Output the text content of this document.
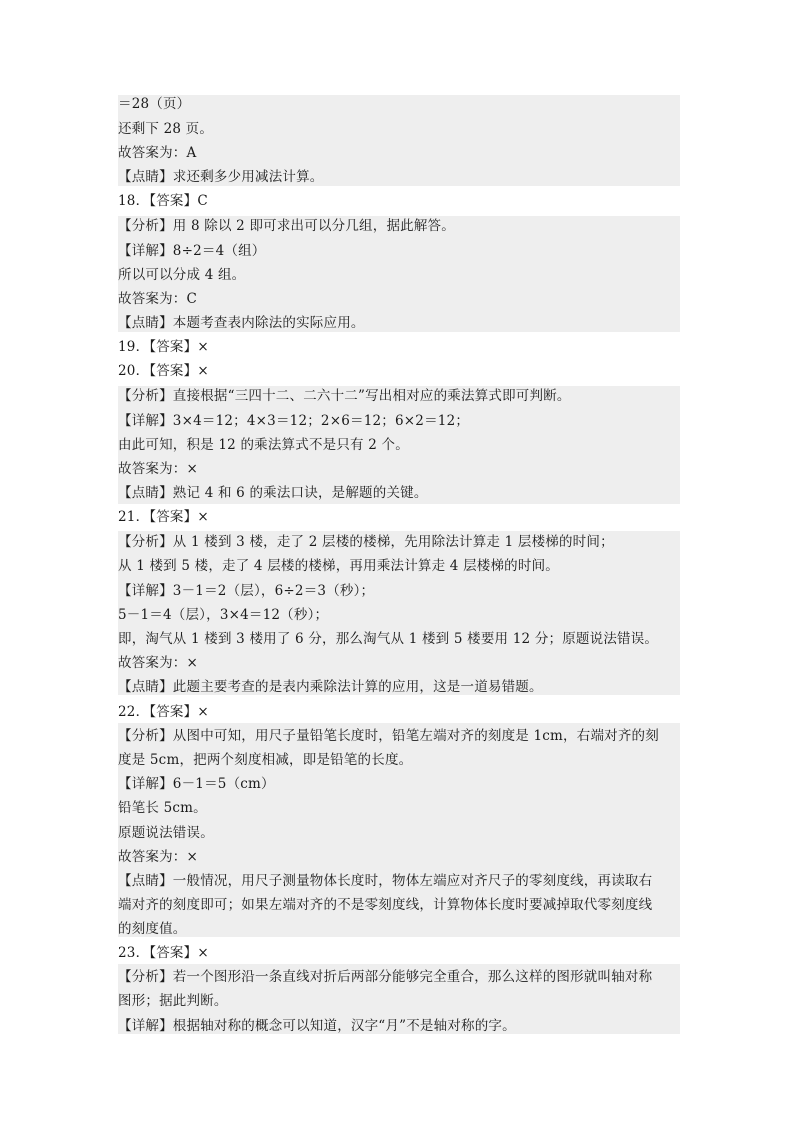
＝28（页）
还剩下 28 页。
故答案为：A
【点睛】求还剩多少用减法计算。
18．【答案】C
【分析】用 8 除以 2 即可求出可以分几组，据此解答。
【详解】8÷2＝4（组）
所以可以分成 4 组。
故答案为：C
【点睛】本题考查表内除法的实际应用。
19．【答案】×
20．【答案】×
【分析】直接根据“三四十二、二六十二”写出相对应的乘法算式即可判断。
【详解】3×4＝12；4×3＝12；2×6＝12；6×2＝12；
由此可知，积是 12 的乘法算式不是只有 2 个。
故答案为：×
【点睛】熟记 4 和 6 的乘法口诀，是解题的关键。
21．【答案】×
【分析】从 1 楼到 3 楼，走了 2 层楼的楼梯，先用除法计算走 1 层楼梯的时间；
从 1 楼到 5 楼，走了 4 层楼的楼梯，再用乘法计算走 4 层楼梯的时间。
【详解】3－1＝2（层），6÷2＝3（秒）；
5－1＝4（层），3×4＝12（秒）；
即，淘气从 1 楼到 3 楼用了 6 分，那么淘气从 1 楼到 5 楼要用 12 分；原题说法错误。
故答案为：×
【点睛】此题主要考查的是表内乘除法计算的应用，这是一道易错题。
22．【答案】×
【分析】从图中可知，用尺子量铅笔长度时，铅笔左端对齐的刻度是 1cm，右端对齐的刻
度是 5cm，把两个刻度相减，即是铅笔的长度。
【详解】6－1＝5（cm）
铅笔长 5cm。
原题说法错误。
故答案为：×
【点睛】一般情况，用尺子测量物体长度时，物体左端应对齐尺子的零刻度线，再读取右
端对齐的刻度即可；如果左端对齐的不是零刻度线，计算物体长度时要减掉取代零刻度线
的刻度值。
23．【答案】×
【分析】若一个图形沿一条直线对折后两部分能够完全重合，那么这样的图形就叫轴对称
图形；据此判断。
【详解】根据轴对称的概念可以知道，汉字“月”不是轴对称的字。
